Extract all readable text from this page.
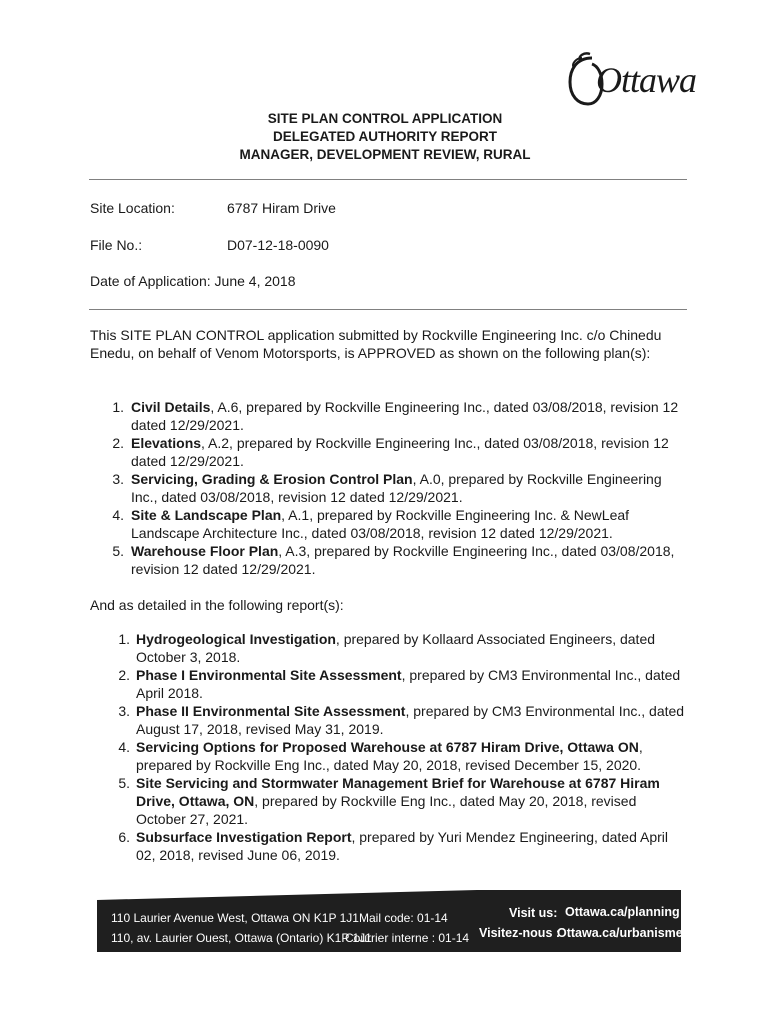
Ottawa
SITE PLAN CONTROL APPLICATION
DELEGATED AUTHORITY REPORT
MANAGER, DEVELOPMENT REVIEW, RURAL
Site Location:	6787 Hiram Drive
File No.:	D07-12-18-0090
Date of Application: June 4, 2018
This SITE PLAN CONTROL application submitted by Rockville Engineering Inc. c/o Chinedu Enedu, on behalf of Venom Motorsports, is APPROVED as shown on the following plan(s):
1. Civil Details, A.6, prepared by Rockville Engineering Inc., dated 03/08/2018, revision 12 dated 12/29/2021.
2. Elevations, A.2, prepared by Rockville Engineering Inc., dated 03/08/2018, revision 12 dated 12/29/2021.
3. Servicing, Grading & Erosion Control Plan, A.0, prepared by Rockville Engineering Inc., dated 03/08/2018, revision 12 dated 12/29/2021.
4. Site & Landscape Plan, A.1, prepared by Rockville Engineering Inc. & NewLeaf Landscape Architecture Inc., dated 03/08/2018, revision 12 dated 12/29/2021.
5. Warehouse Floor Plan, A.3, prepared by Rockville Engineering Inc., dated 03/08/2018, revision 12 dated 12/29/2021.
And as detailed in the following report(s):
1. Hydrogeological Investigation, prepared by Kollaard Associated Engineers, dated October 3, 2018.
2. Phase I Environmental Site Assessment, prepared by CM3 Environmental Inc., dated April 2018.
3. Phase II Environmental Site Assessment, prepared by CM3 Environmental Inc., dated August 17, 2018, revised May 31, 2019.
4. Servicing Options for Proposed Warehouse at 6787 Hiram Drive, Ottawa ON, prepared by Rockville Eng Inc., dated May 20, 2018, revised December 15, 2020.
5. Site Servicing and Stormwater Management Brief for Warehouse at 6787 Hiram Drive, Ottawa, ON, prepared by Rockville Eng Inc., dated May 20, 2018, revised October 27, 2021.
6. Subsurface Investigation Report, prepared by Yuri Mendez Engineering, dated April 02, 2018, revised June 06, 2019.
110 Laurier Avenue West, Ottawa ON K1P 1J1
110, av. Laurier Ouest, Ottawa (Ontario) K1P 1J1
Mail code: 01-14
Courrier interne : 01-14
Visit us: Ottawa.ca/planning
Visitez-nous :
Ottawa.ca/urbanisme
